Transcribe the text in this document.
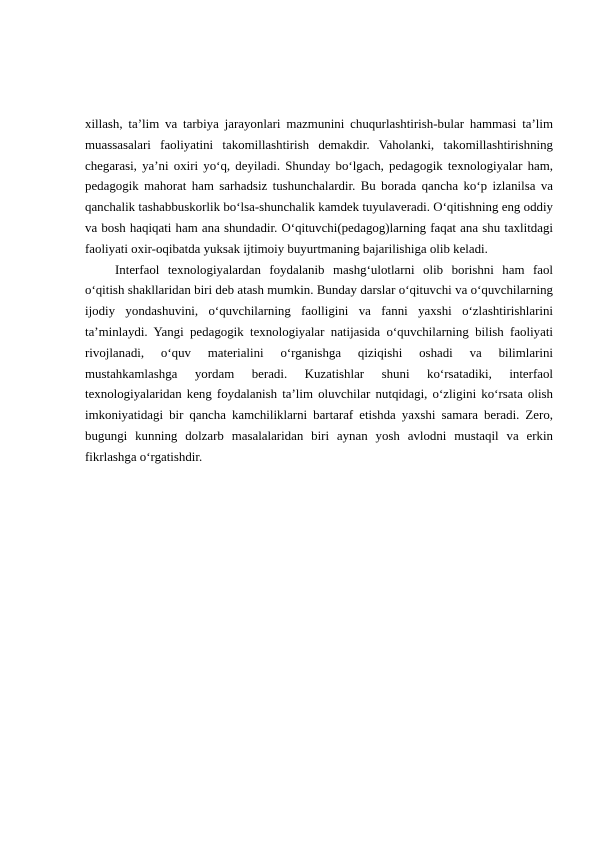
xillash, ta’lim va tarbiya jarayonlari mazmunini chuqurlashtirish-bular hammasi ta’lim muassasalari faoliyatini takomillashtirish demakdir. Vaholanki, takomillashtirishning chegarasi, ya’ni oxiri yo‘q, deyiladi. Shunday bo‘lgach, pedagogik texnologiyalar ham, pedagogik mahorat ham sarhadsiz tushunchalardir. Bu borada qancha ko‘p izlanilsa va qanchalik tashabbuskorlik bo‘lsa-shunchalik kamdek tuyulaveradi. O‘qitishning eng oddiy va bosh haqiqati ham ana shundadir. O‘qituvchi(pedagog)larning faqat ana shu taxlitdagi faoliyati oxir-oqibatda yuksak ijtimoiy buyurtmaning bajarilishiga olib keladi.

Interfaol texnologiyalardan foydalanib mashg‘ulotlarni olib borishni ham faol o‘qitish shakllaridan biri deb atash mumkin. Bunday darslar o‘qituvchi va o‘quvchilarning ijodiy yondashuvini, o‘quvchilarning faolligini va fanni yaxshi o‘zlashtirishlarini ta’minlaydi. Yangi pedagogik texnologiyalar natijasida o‘quvchilarning bilish faoliyati rivojlanadi, o‘quv materialini o‘rganishga qiziqishi oshadi va bilimlarini mustahkamlashga yordam beradi. Kuzatishlar shuni ko‘rsatadiki, interfaol texnologiyalaridan keng foydalanish ta’lim oluvchilar nutqidagi, o‘zligini ko‘rsata olish imkoniyatidagi bir qancha kamchiliklarni bartaraf etishda yaxshi samara beradi. Zero, bugungi kunning dolzarb masalalaridan biri aynan yosh avlodni mustaqil va erkin fikrlashga o‘rgatishdir.
